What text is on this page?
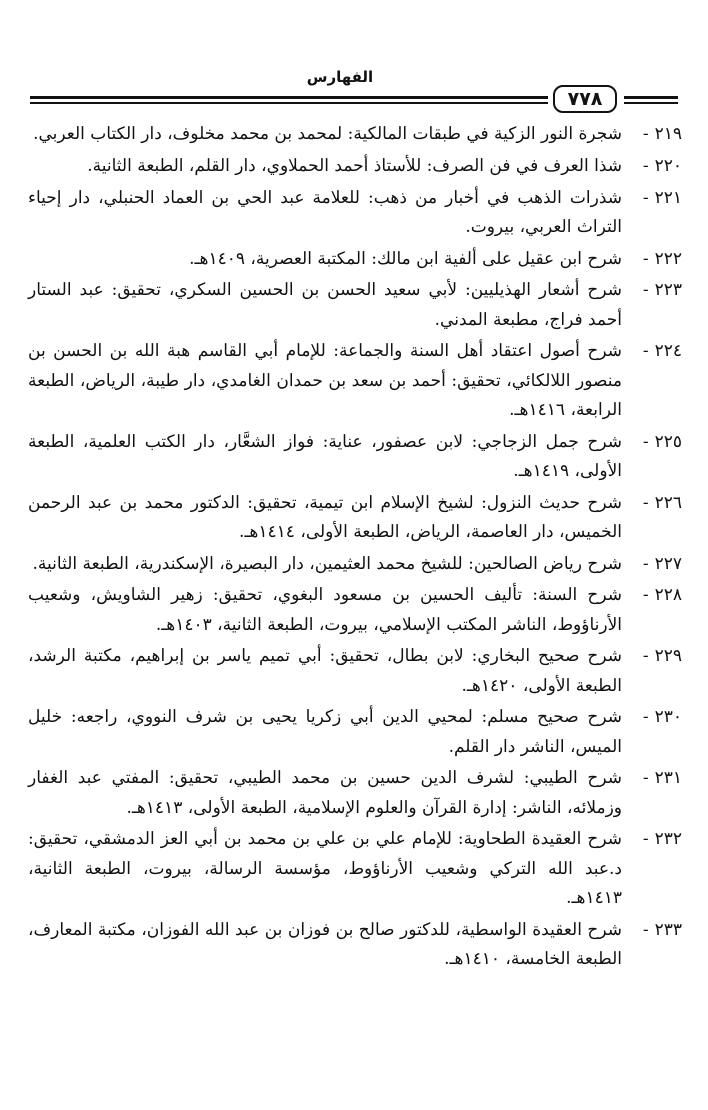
الفهارس
٧٧٨
٢١٩-
شجرة النور الزكية في طبقات المالكية: لمحمد بن محمد مخلوف، دار الكتاب العربي.
٢٢٠-
شذا العرف في فن الصرف: للأستاذ أحمد الحملاوي، دار القلم، الطبعة الثانية.
٢٢١-
شذرات الذهب في أخبار من ذهب: للعلامة عبد الحي بن العماد الحنبلي، دار إحياء التراث العربي، بيروت.
٢٢٢-
شرح ابن عقيل على ألفية ابن مالك: المكتبة العصرية، ١٤٠٩هـ.
٢٢٣-
شرح أشعار الهذيليين: لأبي سعيد الحسن بن الحسين السكري، تحقيق: عبد الستار أحمد فراج، مطبعة المدني.
٢٢٤-
شرح أصول اعتقاد أهل السنة والجماعة: للإمام أبي القاسم هبة الله بن الحسن بن منصور اللالكائي، تحقيق: أحمد بن سعد بن حمدان الغامدي، دار طيبة، الرياض، الطبعة الرابعة، ١٤١٦هـ.
٢٢٥-
شرح جمل الزجاجي: لابن عصفور، عناية: فواز الشعَّار، دار الكتب العلمية، الطبعة الأولى، ١٤١٩هـ.
٢٢٦-
شرح حديث النزول: لشيخ الإسلام ابن تيمية، تحقيق: الدكتور محمد بن عبد الرحمن الخميس، دار العاصمة، الرياض، الطبعة الأولى، ١٤١٤هـ.
٢٢٧-
شرح رياض الصالحين: للشيخ محمد العثيمين، دار البصيرة، الإسكندرية، الطبعة الثانية.
٢٢٨-
شرح السنة: تأليف الحسين بن مسعود البغوي، تحقيق: زهير الشاويش، وشعيب الأرناؤوط، الناشر المكتب الإسلامي، بيروت، الطبعة الثانية، ١٤٠٣هـ.
٢٢٩-
شرح صحيح البخاري: لابن بطال، تحقيق: أبي تميم ياسر بن إبراهيم، مكتبة الرشد، الطبعة الأولى، ١٤٢٠هـ.
٢٣٠-
شرح صحيح مسلم: لمحيي الدين أبي زكريا يحيى بن شرف النووي، راجعه: خليل الميس، الناشر دار القلم.
٢٣١-
شرح الطيبي: لشرف الدين حسين بن محمد الطيبي، تحقيق: المفتي عبد الغفار وزملائه، الناشر: إدارة القرآن والعلوم الإسلامية، الطبعة الأولى، ١٤١٣هـ.
٢٣٢-
شرح العقيدة الطحاوية: للإمام علي بن علي بن محمد بن أبي العز الدمشقي، تحقيق: د.عبد الله التركي وشعيب الأرناؤوط، مؤسسة الرسالة، بيروت، الطبعة الثانية، ١٤١٣هـ.
٢٣٣-
شرح العقيدة الواسطية، للدكتور صالح بن فوزان بن عبد الله الفوزان، مكتبة المعارف، الطبعة الخامسة، ١٤١٠هـ.
